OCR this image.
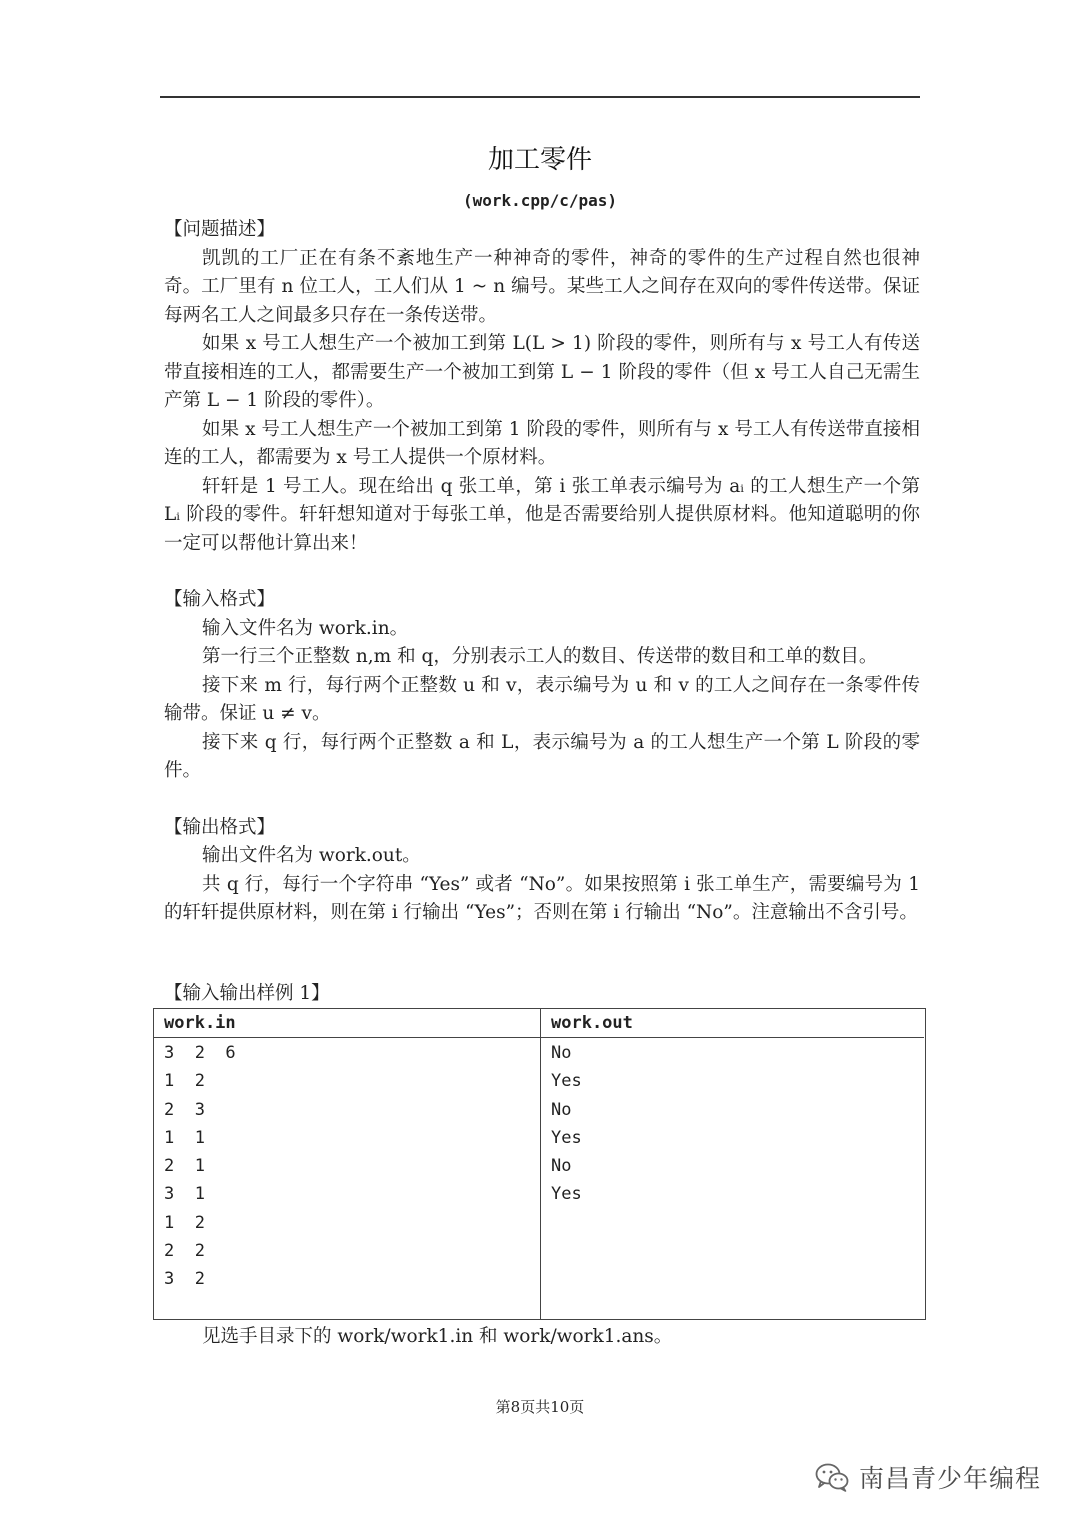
加工零件
(work.cpp/c/pas)

【问题描述】

凯凯的工厂正在有条不紊地生产一种神奇的零件，神奇的零件的生产过程自然也很神奇。工厂里有 n 位工人，工人们从 1 ~ n 编号。某些工人之间存在双向的零件传送带。保证每两名工人之间最多只存在一条传送带。

如果 x 号工人想生产一个被加工到第 L(L > 1) 阶段的零件，则所有与 x 号工人有传送带直接相连的工人，都需要生产一个被加工到第 L − 1 阶段的零件（但 x 号工人自己无需生产第 L − 1 阶段的零件）。

如果 x 号工人想生产一个被加工到第 1 阶段的零件，则所有与 x 号工人有传送带直接相连的工人，都需要为 x 号工人提供一个原材料。

轩轩是 1 号工人。现在给出 q 张工单，第 i 张工单表示编号为 aᵢ 的工人想生产一个第 Lᵢ 阶段的零件。轩轩想知道对于每张工单，他是否需要给别人提供原材料。他知道聪明的你一定可以帮他计算出来！

【输入格式】

输入文件名为 work.in。

第一行三个正整数 n,m 和 q，分别表示工人的数目、传送带的数目和工单的数目。

接下来 m 行，每行两个正整数 u 和 v，表示编号为 u 和 v 的工人之间存在一条零件传输带。保证 u ≠ v。

接下来 q 行，每行两个正整数 a 和 L，表示编号为 a 的工人想生产一个第 L 阶段的零件。

【输出格式】

输出文件名为 work.out。

共 q 行，每行一个字符串 “Yes” 或者 “No”。如果按照第 i 张工单生产，需要编号为 1 的轩轩提供原材料，则在第 i 行输出 “Yes”；否则在第 i 行输出 “No”。注意输出不含引号。

【输入输出样例 1】
work.in
3  2  6
1  2
2  3
1  1
2  1
3  1
1  2
2  2
3  2
work.out
No
Yes
No
Yes
No
Yes
见选手目录下的 work/work1.in 和 work/work1.ans。
第8页共10页
南昌青少年编程
